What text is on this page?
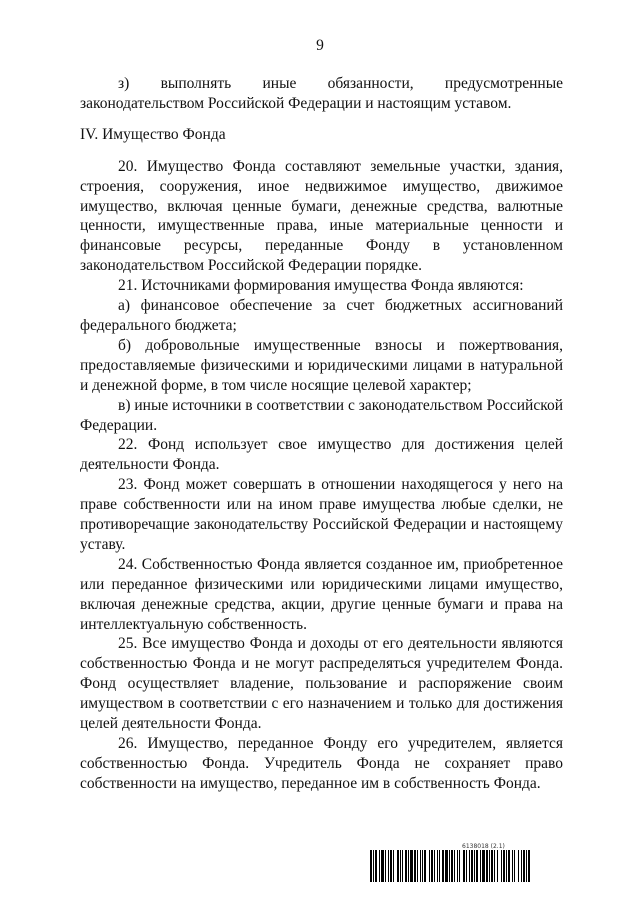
9

з) выполнять иные обязанности, предусмотренные законодательством Российской Федерации и настоящим уставом.

IV. Имущество Фонда

20. Имущество Фонда составляют земельные участки, здания, строения, сооружения, иное недвижимое имущество, движимое имущество, включая ценные бумаги, денежные средства, валютные ценности, имущественные права, иные материальные ценности и финансовые ресурсы, переданные Фонду в установленном законодательством Российской Федерации порядке.

21. Источниками формирования имущества Фонда являются:

а) финансовое обеспечение за счет бюджетных ассигнований федерального бюджета;

б) добровольные имущественные взносы и пожертвования, предоставляемые физическими и юридическими лицами в натуральной и денежной форме, в том числе носящие целевой характер;

в) иные источники в соответствии с законодательством Российской Федерации.

22. Фонд использует свое имущество для достижения целей деятельности Фонда.

23. Фонд может совершать в отношении находящегося у него на праве собственности или на ином праве имущества любые сделки, не противоречащие законодательству Российской Федерации и настоящему уставу.

24. Собственностью Фонда является созданное им, приобретенное или переданное физическими или юридическими лицами имущество, включая денежные средства, акции, другие ценные бумаги и права на интеллектуальную собственность.

25. Все имущество Фонда и доходы от его деятельности являются собственностью Фонда и не могут распределяться учредителем Фонда. Фонд осуществляет владение, пользование и распоряжение своим имуществом в соответствии с его назначением и только для достижения целей деятельности Фонда.

26. Имущество, переданное Фонду его учредителем, является собственностью Фонда. Учредитель Фонда не сохраняет право собственности на имущество, переданное им в собственность Фонда.

6138018 (2.1)
